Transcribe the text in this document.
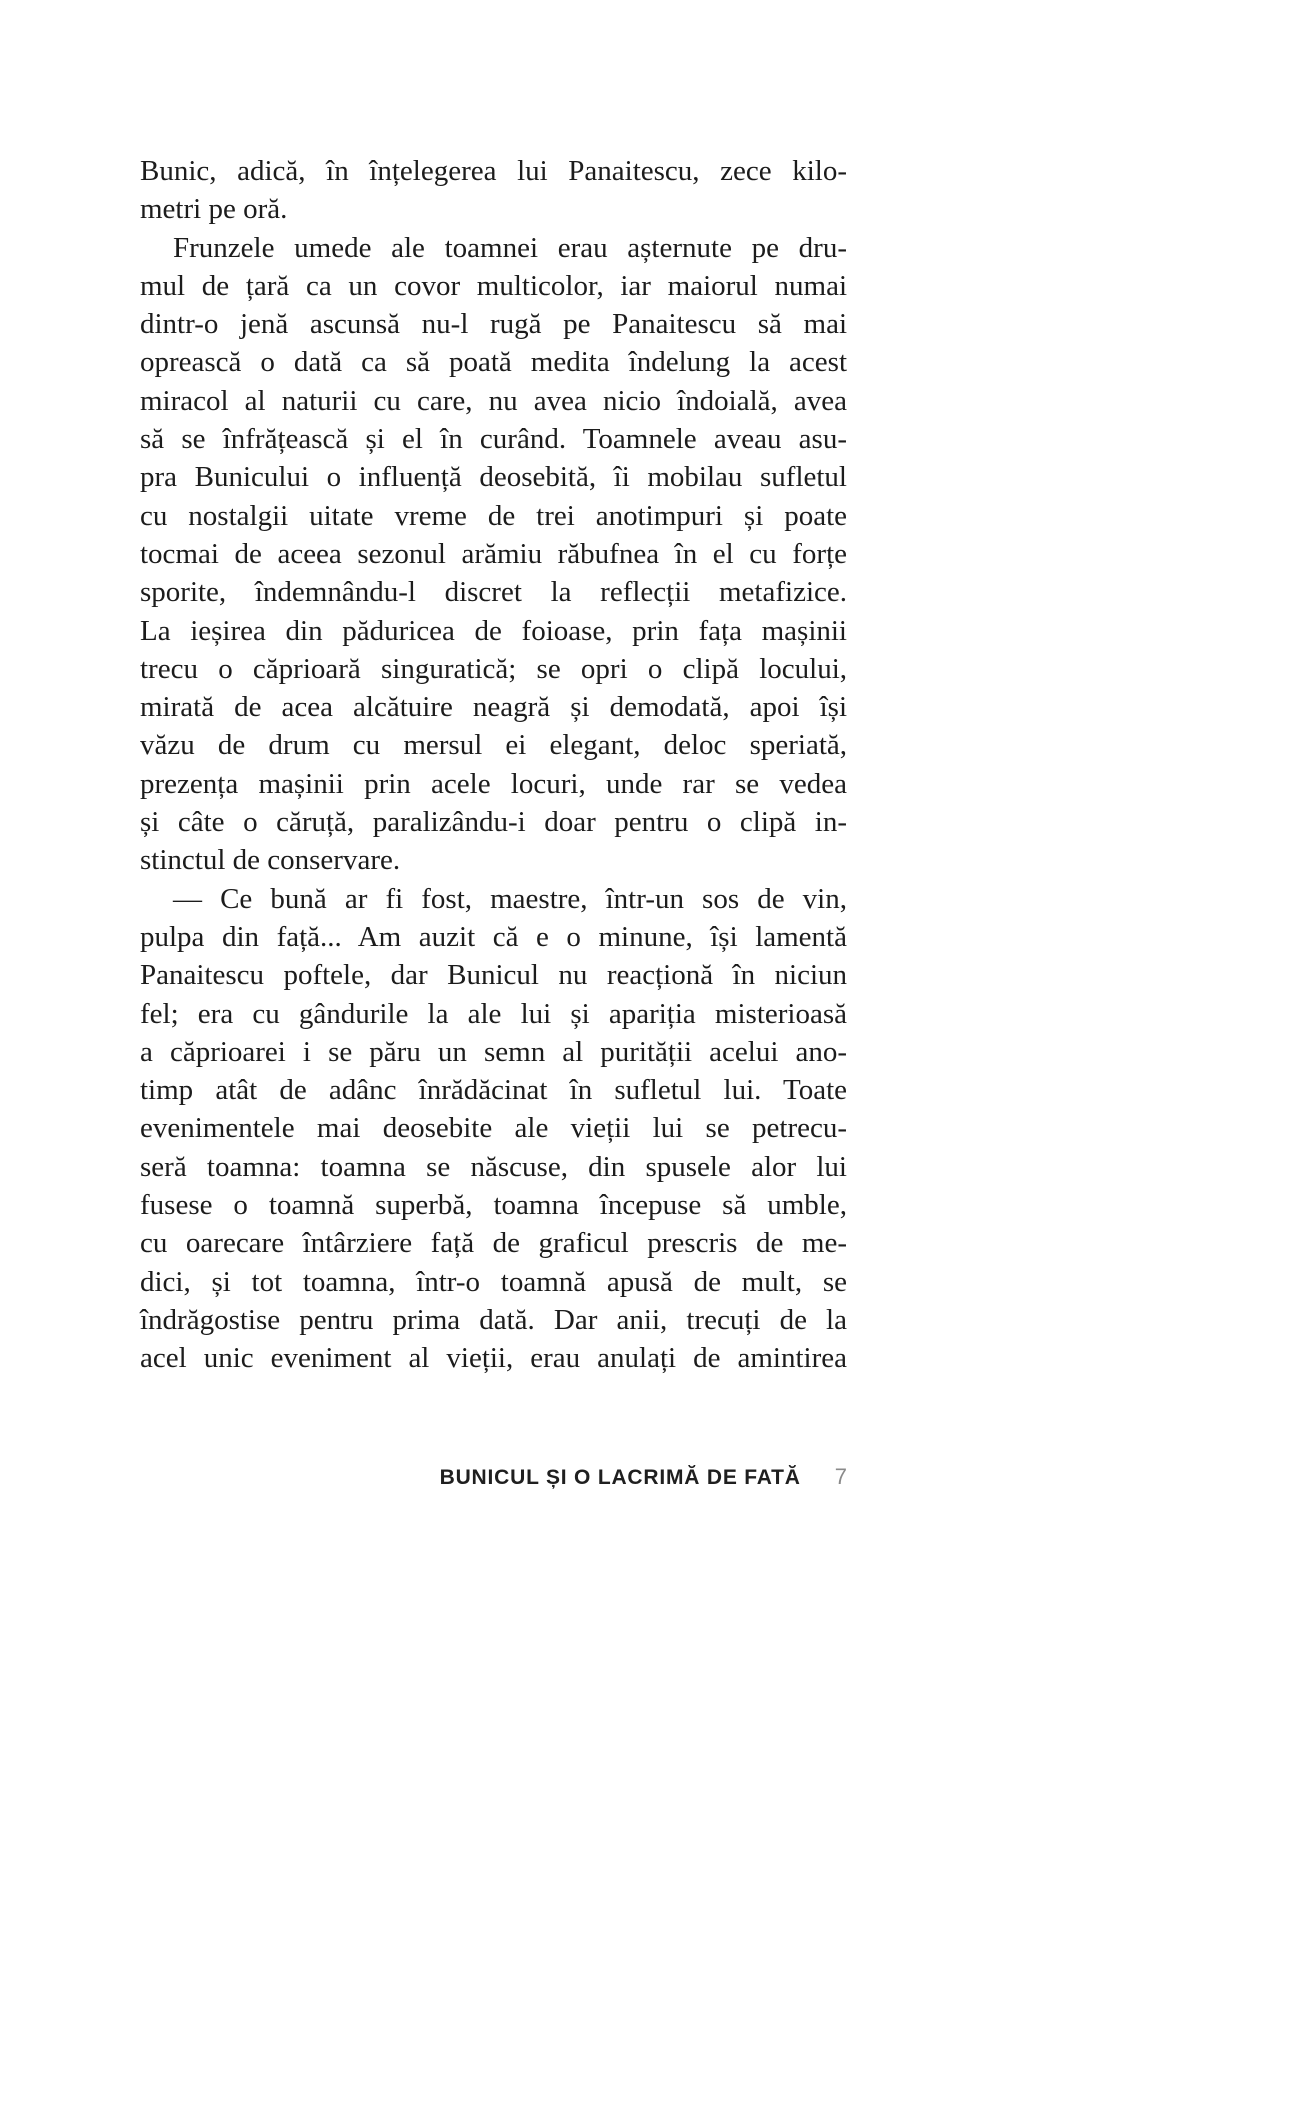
Bunic, adică, în înțelegerea lui Panaitescu, zece kilo-
metri pe oră.
Frunzele umede ale toamnei erau așternute pe dru-
mul de țară ca un covor multicolor, iar maiorul numai
dintr-o jenă ascunsă nu-l rugă pe Panaitescu să mai
oprească o dată ca să poată medita îndelung la acest
miracol al naturii cu care, nu avea nicio îndoială, avea
să se înfrățească și el în curând. Toamnele aveau asu-
pra Bunicului o influență deosebită, îi mobilau sufletul
cu nostalgii uitate vreme de trei anotimpuri și poate
tocmai de aceea sezonul arămiu răbufnea în el cu forțe
sporite, îndemnându-l discret la reflecții metafizice.
La ieșirea din păduricea de foioase, prin fața mașinii
trecu o căprioară singuratică; se opri o clipă locului,
mirată de acea alcătuire neagră și demodată, apoi își
văzu de drum cu mersul ei elegant, deloc speriată,
prezența mașinii prin acele locuri, unde rar se vedea
și câte o căruță, paralizându-i doar pentru o clipă in-
stinctul de conservare.
— Ce bună ar fi fost, maestre, într-un sos de vin,
pulpa din față... Am auzit că e o minune, își lamentă
Panaitescu poftele, dar Bunicul nu reacționă în niciun
fel; era cu gândurile la ale lui și apariția misterioasă
a căprioarei i se păru un semn al purității acelui ano-
timp atât de adânc înrădăcinat în sufletul lui. Toate
evenimentele mai deosebite ale vieții lui se petrecu-
seră toamna: toamna se născuse, din spusele alor lui
fusese o toamnă superbă, toamna începuse să umble,
cu oarecare întârziere față de graficul prescris de me-
dici, și tot toamna, într-o toamnă apusă de mult, se
îndrăgostise pentru prima dată. Dar anii, trecuți de la
acel unic eveniment al vieții, erau anulați de amintirea
BUNICUL ȘI O LACRIMĂ DE FATĂ 7
